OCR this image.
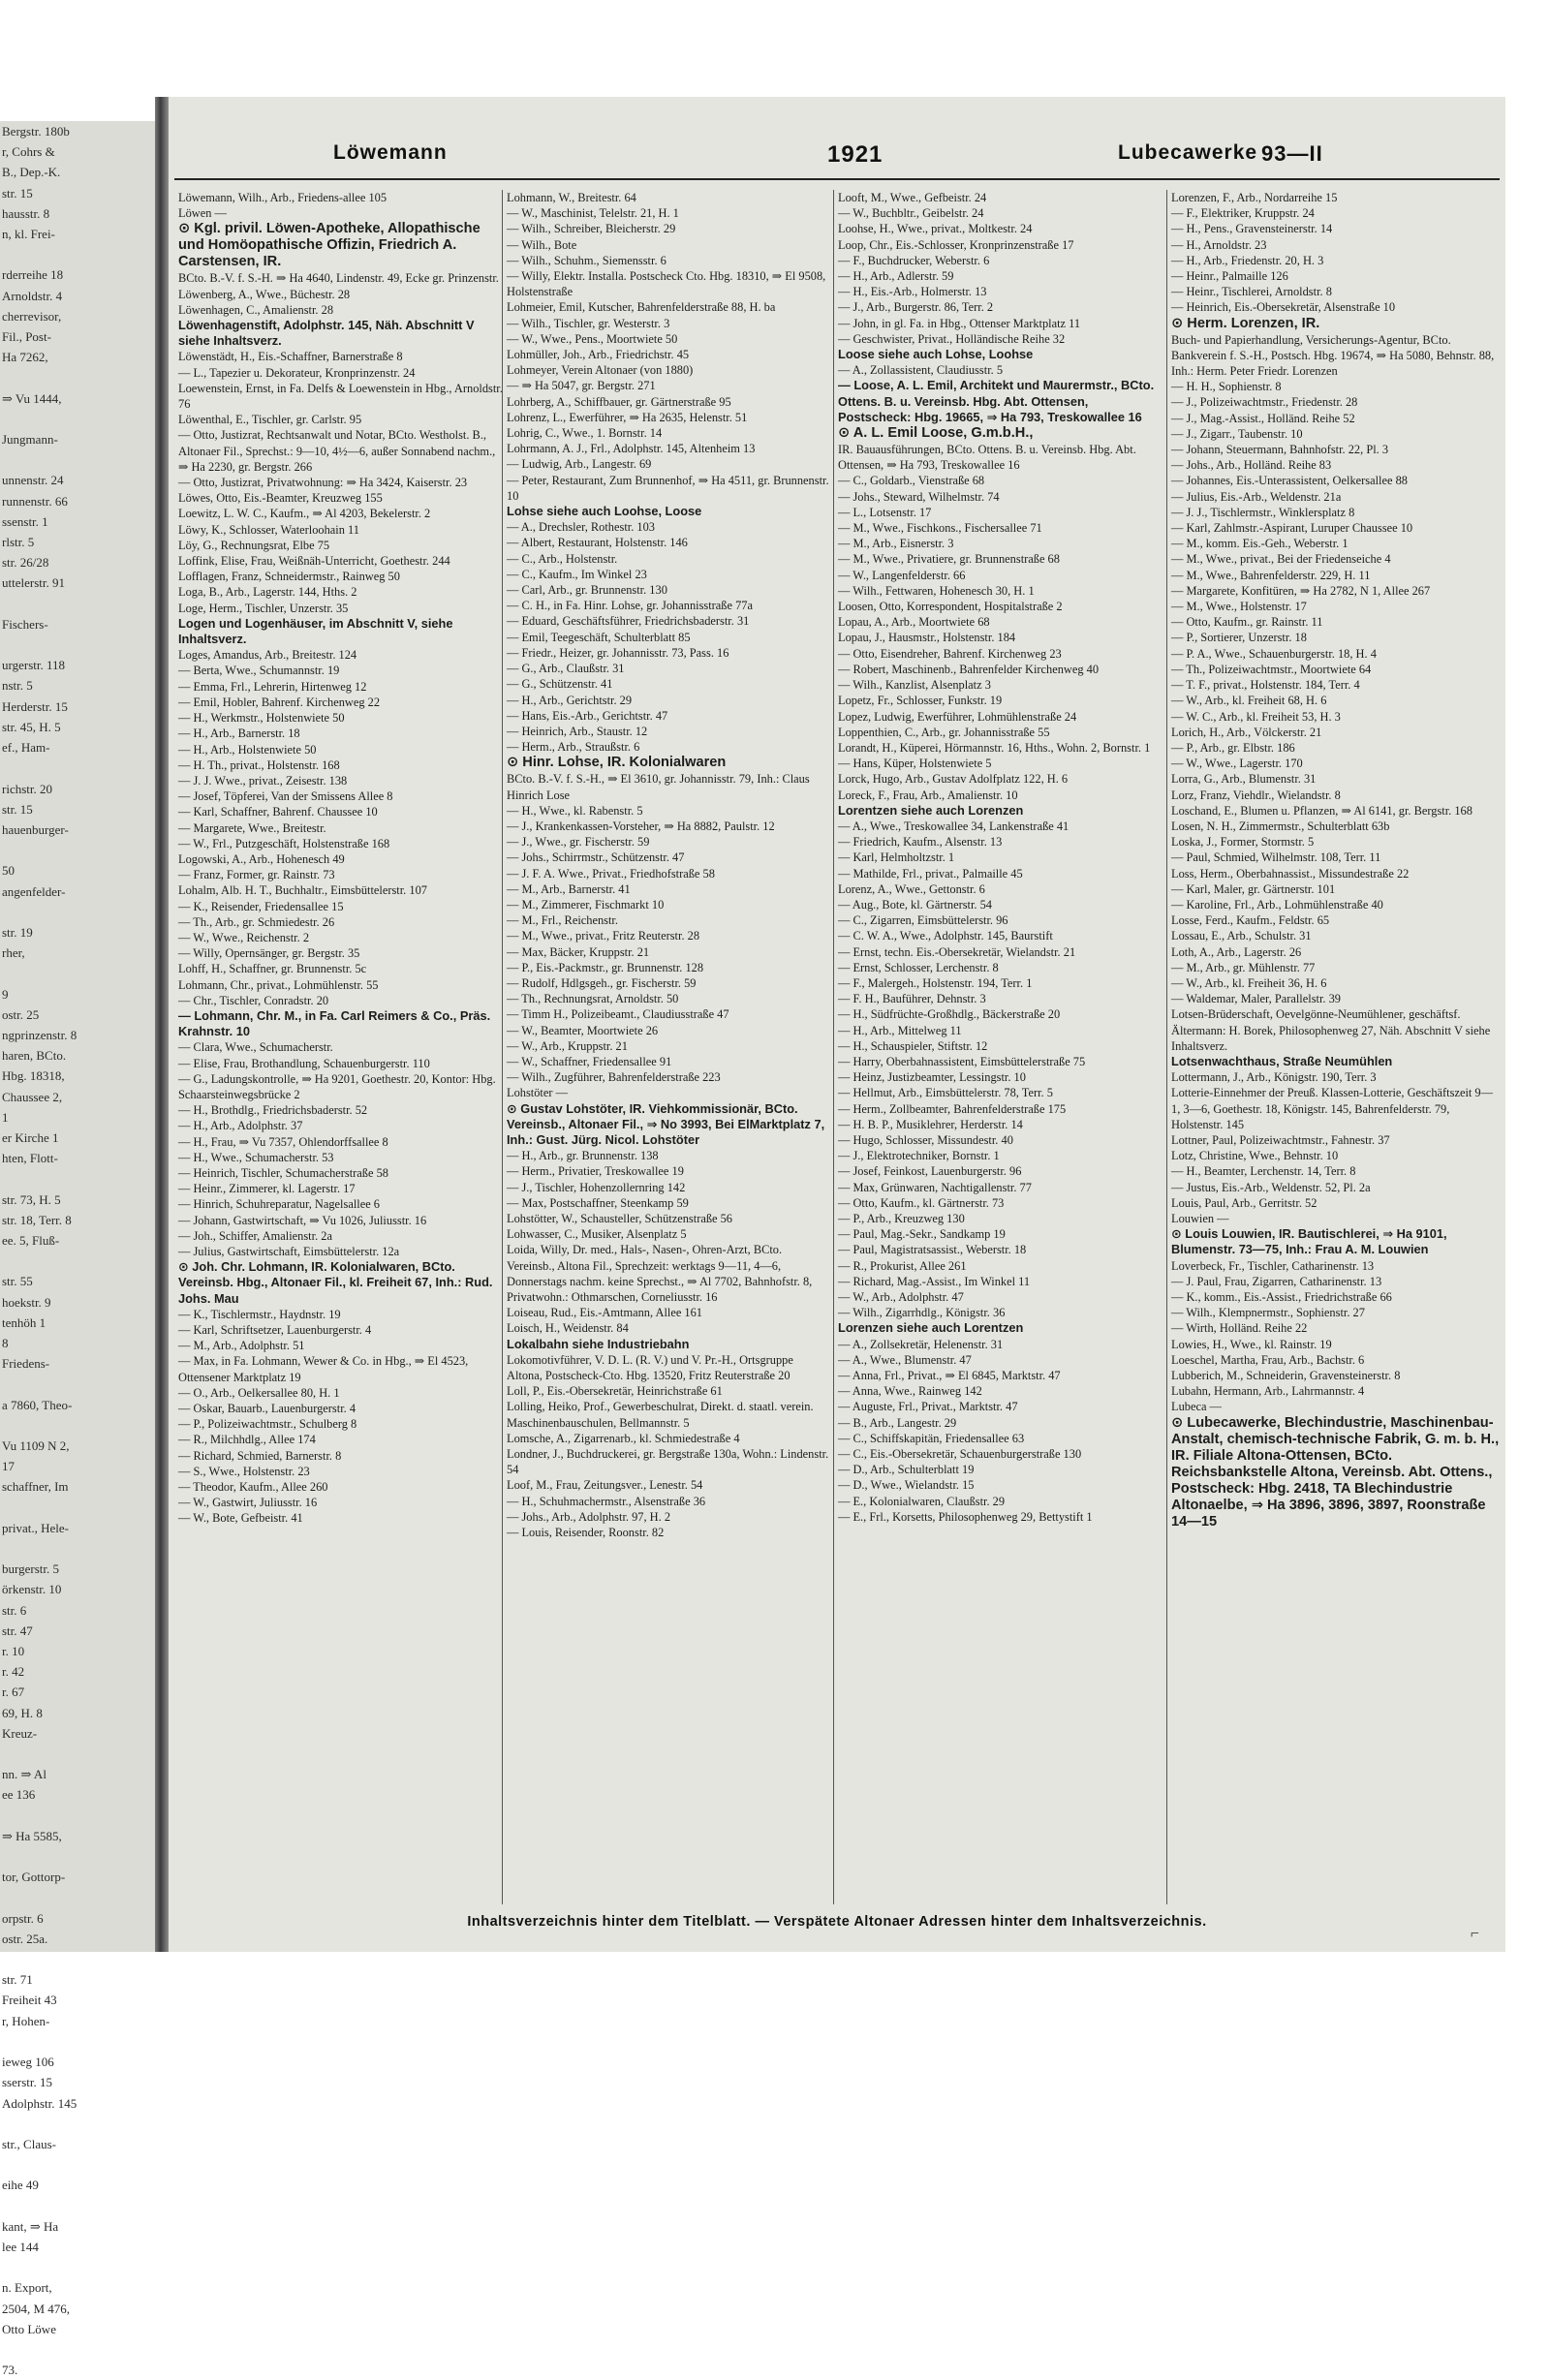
Bergstr. 180b
r, Cohrs &
B., Dep.-K.
str. 15
hausstr. 8
n, kl. Frei-

rderreihe 18
Arnoldstr. 4
cherrevisor,
Fil., Post-
Ha 7262,

⇒ Vu 1444,

Jungmann-

unnenstr. 24
runnenstr. 66
ssenstr. 1
rlstr. 5
str. 26/28
uttelerstr. 91

Fischers-

urgerstr. 118
nstr. 5
Herderstr. 15
str. 45, H. 5
ef., Ham-

richstr. 20
str. 15
hauenburger-

50
angenfelder-

str. 19
rher,

9
ostr. 25
ngprinzenstr. 8
haren, BCto.
Hbg. 18318,
Chaussee 2,
1
er Kirche 1
hten, Flott-

str. 73, H. 5
str. 18, Terr. 8
ee. 5, Fluß-

str. 55
hoekstr. 9
tenhöh 1
8
Friedens-

a 7860, Theo-

Vu 1109 N 2,
17
schaffner, Im

privat., Hele-

burgerstr. 5
örkenstr. 10
str. 6
str. 47
r. 10
r. 42
r. 67
69, H. 8
Kreuz-

nn. ⇒ Al
ee 136

⇒ Ha 5585,

tor, Gottorp-

orpstr. 6
ostr. 25a.

str. 71
Freiheit 43
r, Hohen-

ieweg 106
sserstr. 15
Adolphstr. 145

str., Claus-

eihe 49

kant, ⇒ Ha
lee 144

n. Export,
2504, M 476,
Otto Löwe

73.
Löwemann	1921	Lubecawerke 93—II
Löwemann, Wilh., Arb., Friedens-allee 105
Löwen —
⊙ Kgl. privil. Löwen-Apotheke, Allopathische und Homöopathische Offizin, Friedrich A. Carstensen, IR.
BCto. B.-V. f. S.-H. ⇒ Ha 4640, Lindenstr. 49, Ecke gr. Prinzenstr.
Löwenberg, A., Wwe., Büchestr. 28
Löwenhagen, C., Amalienstr. 28
Löwenhagenstift, Adolphstr. 145, Näh. Abschnitt V siehe Inhaltsverz.
Löwenstädt, H., Eis.-Schaffner, Barnerstraße 8
— L., Tapezier u. Dekorateur, Kronprinzenstr. 24
Loewenstein, Ernst, in Fa. Delfs & Loewenstein in Hbg., Arnoldstr. 76
Löwenthal, E., Tischler, gr. Carlstr. 95
— Otto, Justizrat, Rechtsanwalt und Notar, BCto. Westholst. B., Altonaer Fil., Sprechst.: 9—10, 4½—6, außer Sonnabend nachm., ⇒ Ha 2230, gr. Bergstr. 266
— Otto, Justizrat, Privatwohnung: ⇒ Ha 3424, Kaiserstr. 23
Löwes, Otto, Eis.-Beamter, Kreuzweg 155
Loewitz, L. W. C., Kaufm., ⇒ Al 4203, Bekelerstr. 2
Löwy, K., Schlosser, Waterloohain 11
Löy, G., Rechnungsrat, Elbe 75
Loffink, Elise, Frau, Weißnäh-Unterricht, Goethestr. 244
Lofflagen, Franz, Schneidermstr., Rainweg 50
Loga, B., Arb., Lagerstr. 144, Hths. 2
Loge, Herm., Tischler, Unzerstr. 35
Logen und Logenhäuser, im Abschnitt V, siehe Inhaltsverz.
Loges, Amandus, Arb., Breitestr. 124
— Berta, Wwe., Schumannstr. 19
— Emma, Frl., Lehrerin, Hirtenweg 12
— Emil, Hobler, Bahrenf. Kirchenweg 22
— H., Werkmstr., Holstenwiete 50
— H., Arb., Barnerstr. 18
— H., Arb., Holstenwiete 50
— H. Th., privat., Holstenstr. 168
— J. J. Wwe., privat., Zeisestr. 138
— Josef, Töpferei, Van der Smissens Allee 8
— Karl, Schaffner, Bahrenf. Chaussee 10
— Margarete, Wwe., Breitestr.
— W., Frl., Putzgeschäft, Holstenstraße 168
Logowski, A., Arb., Hohenesch 49
— Franz, Former, gr. Rainstr. 73
Lohalm, Alb. H. T., Buchhaltr., Eimsbüttelerstr. 107
— K., Reisender, Friedensallee 15
— Th., Arb., gr. Schmiedestr. 26
— W., Wwe., Reichenstr. 2
— Willy, Opernsänger, gr. Bergstr. 35
Lohff, H., Schaffner, gr. Brunnenstr. 5c
Lohmann, Chr., privat., Lohmühlenstr. 55
— Chr., Tischler, Conradstr. 20
— Lohmann, Chr. M., in Fa. Carl Reimers & Co., Präs. Krahnstr. 10
— Clara, Wwe., Schumacherstr.
— Elise, Frau, Brothandlung, Schauenburgerstr. 110
— G., Ladungskontrolle, ⇒ Ha 9201, Goethestr. 20, Kontor: Hbg. Schaarsteinwegsbrücke 2
— H., Brothdlg., Friedrichsbaderstr. 52
— H., Arb., Adolphstr. 37
— H., Frau, ⇒ Vu 7357, Ohlendorffsallee 8
— H., Wwe., Schumacherstr. 53
— Heinrich, Tischler, Schumacherstraße 58
— Heinr., Zimmerer, kl. Lagerstr. 17
— Hinrich, Schuhreparatur, Nagelsallee 6
— Johann, Gastwirtschaft, ⇒ Vu 1026, Juliusstr. 16
— Joh., Schiffer, Amalienstr. 2a
— Julius, Gastwirtschaft, Eimsbüttelerstr. 12a
⊙ Joh. Chr. Lohmann, IR. Kolonialwaren, BCto. Vereinsb. Hbg., Altonaer Fil., kl. Freiheit 67, Inh.: Rud. Johs. Mau
— K., Tischlermstr., Haydnstr. 19
— Karl, Schriftsetzer, Lauenburgerstr. 4
— M., Arb., Adolphstr. 51
— Max, in Fa. Lohmann, Wewer & Co. in Hbg., ⇒ El 4523, Ottensener Marktplatz 19
— O., Arb., Oelkersallee 80, H. 1
— Oskar, Bauarb., Lauenburgerstr. 4
— P., Polizeiwachtmstr., Schulberg 8
— R., Milchhdlg., Allee 174
— Richard, Schmied, Barnerstr. 8
— S., Wwe., Holstenstr. 23
— Theodor, Kaufm., Allee 260
— W., Gastwirt, Juliusstr. 16
— W., Bote, Gefbeistr. 41
Lohmann, W., Breitestr. 64
— W., Maschinist, Telelstr. 21, H. 1
— Wilh., Schreiber, Bleicherstr. 29
— Wilh., Bote
— Wilh., Schuhm., Siemensstr. 6
— Willy, Elektr. Installa. Postscheck Cto. Hbg. 18310, ⇒ El 9508, Holstenstraße
Lohmeier, Emil, Kutscher, Bahrenfelderstraße 88, H. ba
— Wilh., Tischler, gr. Westerstr. 3
— W., Wwe., Pens., Moortwiete 50
Lohmüller, Joh., Arb., Friedrichstr. 45
Lohmeyer, Verein Altonaer (von 1880)
— ⇒ Ha 5047, gr. Bergstr. 271
Lohrberg, A., Schiffbauer, gr. Gärtnerstraße 95
Lohrenz, L., Ewerführer, ⇒ Ha 2635, Helenstr. 51
Lohrig, C., Wwe., 1. Bornstr. 14
Lohrmann, A. J., Frl., Adolphstr. 145, Altenheim 13
— Ludwig, Arb., Langestr. 69
— Peter, Restaurant, Zum Brunnenhof, ⇒ Ha 4511, gr. Brunnenstr. 10
Lohse siehe auch Loohse, Loose
— A., Drechsler, Rothestr. 103
— Albert, Restaurant, Holstenstr. 146
— C., Arb., Holstenstr.
— C., Kaufm., Im Winkel 23
— Carl, Arb., gr. Brunnenstr. 130
— C. H., in Fa. Hinr. Lohse, gr. Johannisstraße 77a
— Eduard, Geschäftsführer, Friedrichsbaderstr. 31
— Emil, Teegeschäft, Schulterblatt 85
— Friedr., Heizer, gr. Johannisstr. 73, Pass. 16
— G., Arb., Claußstr. 31
— G., Schützenstr. 41
— H., Arb., Gerichtstr. 29
— Hans, Eis.-Arb., Gerichtstr. 47
— Heinrich, Arb., Staustr. 12
— Herm., Arb., Straußstr. 6
⊙ Hinr. Lohse, IR. Kolonialwaren
BCto. B.-V. f. S.-H., ⇒ El 3610, gr. Johannisstr. 79, Inh.: Claus Hinrich Lose
— H., Wwe., kl. Rabenstr. 5
— J., Krankenkassen-Vorsteher, ⇒ Ha 8882, Paulstr. 12
— J., Wwe., gr. Fischerstr. 59
— Johs., Schirrmstr., Schützenstr. 47
— J. F. A. Wwe., Privat., Friedhofstraße 58
— M., Arb., Barnerstr. 41
— M., Zimmerer, Fischmarkt 10
— M., Frl., Reichenstr.
— M., Wwe., privat., Fritz Reuterstr. 28
— Max, Bäcker, Kruppstr. 21
— P., Eis.-Packmstr., gr. Brunnenstr. 128
— Rudolf, Hdlgsgeh., gr. Fischerstr. 59
— Th., Rechnungsrat, Arnoldstr. 50
— Timm H., Polizeibeamt., Claudiusstraße 47
— W., Beamter, Moortwiete 26
— W., Arb., Kruppstr. 21
— W., Schaffner, Friedensallee 91
— Wilh., Zugführer, Bahrenfelderstraße 223
Lohstöter —
⊙ Gustav Lohstöter, IR. Viehkommissionär, BCto. Vereinsb., Altonaer Fil., ⇒ No 3993, Bei ElMarktplatz 7, Inh.: Gust. Jürg. Nicol. Lohstöter
— H., Arb., gr. Brunnenstr. 138
— Herm., Privatier, Treskowallee 19
— J., Tischler, Hohenzollernring 142
— Max, Postschaffner, Steenkamp 59
Lohstötter, W., Schausteller, Schützenstraße 56
Lohwasser, C., Musiker, Alsenplatz 5
Loida, Willy, Dr. med., Hals-, Nasen-, Ohren-Arzt, BCto. Vereinsb., Altona Fil., Sprechzeit: werktags 9—11, 4—6, Donnerstags nachm. keine Sprechst., ⇒ Al 7702, Bahnhofstr. 8, Privatwohn.: Othmarschen, Corneliusstr. 16
Loiseau, Rud., Eis.-Amtmann, Allee 161
Loisch, H., Weidenstr. 84
Lokalbahn siehe Industriebahn
Lokomotivführer, V. D. L. (R. V.) und V. Pr.-H., Ortsgruppe Altona, Postscheck-Cto. Hbg. 13520, Fritz Reuterstraße 20
Loll, P., Eis.-Obersekretär, Heinrichstraße 61
Lolling, Heiko, Prof., Gewerbeschulrat, Direkt. d. staatl. verein. Maschinenbauschulen, Bellmannstr. 5
Lomsche, A., Zigarrenarb., kl. Schmiedestraße 4
Londner, J., Buchdruckerei, gr. Bergstraße 130a, Wohn.: Lindenstr. 54
Loof, M., Frau, Zeitungsver., Lenestr. 54
— H., Schuhmachermstr., Alsenstraße 36
— Johs., Arb., Adolphstr. 97, H. 2
— Louis, Reisender, Roonstr. 82
Looft, M., Wwe., Gefbeistr. 24
— W., Buchbltr., Geibelstr. 24
Loohse, H., Wwe., privat., Moltkestr. 24
Loop, Chr., Eis.-Schlosser, Kronprinzenstraße 17
— F., Buchdrucker, Weberstr. 6
— H., Arb., Adlerstr. 59
— H., Eis.-Arb., Holmerstr. 13
— J., Arb., Burgerstr. 86, Terr. 2
— John, in gl. Fa. in Hbg., Ottenser Marktplatz 11
— Geschwister, Privat., Holländische Reihe 32
Loose siehe auch Lohse, Loohse
— A., Zollassistent, Claudiusstr. 5
— Loose, A. L. Emil, Architekt und Maurermstr., BCto. Ottens. B. u. Vereinsb. Hbg. Abt. Ottensen, Postscheck: Hbg. 19665, ⇒ Ha 793, Treskowallee 16
⊙ A. L. Emil Loose, G.m.b.H.,
IR. Bauausführungen, BCto. Ottens. B. u. Vereinsb. Hbg. Abt. Ottensen, ⇒ Ha 793, Treskowallee 16
— C., Goldarb., Vienstraße 68
— Johs., Steward, Wilhelmstr. 74
— L., Lotsenstr. 17
— M., Wwe., Fischkons., Fischersallee 71
— M., Arb., Eisnerstr. 3
— M., Wwe., Privatiere, gr. Brunnenstraße 68
— W., Langenfelderstr. 66
— Wilh., Fettwaren, Hohenesch 30, H. 1
Loosen, Otto, Korrespondent, Hospitalstraße 2
Lopau, A., Arb., Moortwiete 68
Lopau, J., Hausmstr., Holstenstr. 184
— Otto, Eisendreher, Bahrenf. Kirchenweg 23
— Robert, Maschinenb., Bahrenfelder Kirchenweg 40
— Wilh., Kanzlist, Alsenplatz 3
Lopetz, Fr., Schlosser, Funkstr. 19
Lopez, Ludwig, Ewerführer, Lohmühlenstraße 24
Loppenthien, C., Arb., gr. Johannisstraße 55
Lorandt, H., Küperei, Hörmannstr. 16, Hths., Wohn. 2, Bornstr. 1
— Hans, Küper, Holstenwiete 5
Lorck, Hugo, Arb., Gustav Adolfplatz 122, H. 6
Loreck, F., Frau, Arb., Amalienstr. 10
Lorentzen siehe auch Lorenzen
— A., Wwe., Treskowallee 34, Lankenstraße 41
— Friedrich, Kaufm., Alsenstr. 13
— Karl, Helmholtzstr. 1
— Mathilde, Frl., privat., Palmaille 45
Lorenz, A., Wwe., Gettonstr. 6
— Aug., Bote, kl. Gärtnerstr. 54
— C., Zigarren, Eimsbüttelerstr. 96
— C. W. A., Wwe., Adolphstr. 145, Baurstift
— Ernst, techn. Eis.-Obersekretär, Wielandstr. 21
— Ernst, Schlosser, Lerchenstr. 8
— F., Malergeh., Holstenstr. 194, Terr. 1
— F. H., Bauführer, Dehnstr. 3
— H., Südfrüchte-Großhdlg., Bäckerstraße 20
— H., Arb., Mittelweg 11
— H., Schauspieler, Stiftstr. 12
— Harry, Oberbahnassistent, Eimsbüttelerstraße 75
— Heinz, Justizbeamter, Lessingstr. 10
— Hellmut, Arb., Eimsbüttelerstr. 78, Terr. 5
— Herm., Zollbeamter, Bahrenfelderstraße 175
— H. B. P., Musiklehrer, Herderstr. 14
— Hugo, Schlosser, Missundestr. 40
— J., Elektrotechniker, Bornstr. 1
— Josef, Feinkost, Lauenburgerstr. 96
— Max, Grünwaren, Nachtigallenstr. 77
— Otto, Kaufm., kl. Gärtnerstr. 73
— P., Arb., Kreuzweg 130
— Paul, Mag.-Sekr., Sandkamp 19
— Paul, Magistratsassist., Weberstr. 18
— R., Prokurist, Allee 261
— Richard, Mag.-Assist., Im Winkel 11
— W., Arb., Adolphstr. 47
— Wilh., Zigarrhdlg., Königstr. 36
Lorenzen siehe auch Lorentzen
— A., Zollsekretär, Helenenstr. 31
— A., Wwe., Blumenstr. 47
— Anna, Frl., Privat., ⇒ El 6845, Marktstr. 47
— Anna, Wwe., Rainweg 142
— Auguste, Frl., Privat., Marktstr. 47
— B., Arb., Langestr. 29
— C., Schiffskapitän, Friedensallee 63
— C., Eis.-Obersekretär, Schauenburgerstraße 130
— D., Arb., Schulterblatt 19
— D., Wwe., Wielandstr. 15
— E., Kolonialwaren, Claußstr. 29
— E., Frl., Korsetts, Philosophenweg 29, Bettystift 1
Lorenzen, F., Arb., Nordarreihe 15
— F., Elektriker, Kruppstr. 24
— H., Pens., Gravensteinerstr. 14
— H., Arnoldstr. 23
— H., Arb., Friedenstr. 20, H. 3
— Heinr., Palmaille 126
— Heinr., Tischlerei, Arnoldstr. 8
— Heinrich, Eis.-Obersekretär, Alsenstraße 10
⊙ Herm. Lorenzen, IR.
Buch- und Papierhandlung, Versicherungs-Agentur, BCto. Bankverein f. S.-H., Postsch. Hbg. 19674, ⇒ Ha 5080, Behnstr. 88, Inh.: Herm. Peter Friedr. Lorenzen
— H. H., Sophienstr. 8
— J., Polizeiwachtmstr., Friedenstr. 28
— J., Mag.-Assist., Holländ. Reihe 52
— J., Zigarr., Taubenstr. 10
— Johann, Steuermann, Bahnhofstr. 22, Pl. 3
— Johs., Arb., Holländ. Reihe 83
— Johannes, Eis.-Unterassistent, Oelkersallee 88
— Julius, Eis.-Arb., Weldenstr. 21a
— J. J., Tischlermstr., Winklersplatz 8
— Karl, Zahlmstr.-Aspirant, Luruper Chaussee 10
— M., komm. Eis.-Geh., Weberstr. 1
— M., Wwe., privat., Bei der Friedenseiche 4
— M., Wwe., Bahrenfelderstr. 229, H. 11
— Margarete, Konfitüren, ⇒ Ha 2782, N 1, Allee 267
— M., Wwe., Holstenstr. 17
— Otto, Kaufm., gr. Rainstr. 11
— P., Sortierer, Unzerstr. 18
— P. A., Wwe., Schauenburgerstr. 18, H. 4
— Th., Polizeiwachtmstr., Moortwiete 64
— T. F., privat., Holstenstr. 184, Terr. 4
— W., Arb., kl. Freiheit 68, H. 6
— W. C., Arb., kl. Freiheit 53, H. 3
Lorich, H., Arb., Völckerstr. 21
— P., Arb., gr. Elbstr. 186
— W., Wwe., Lagerstr. 170
Lorra, G., Arb., Blumenstr. 31
Lorz, Franz, Viehdlr., Wielandstr. 8
Loschand, E., Blumen u. Pflanzen, ⇒ Al 6141, gr. Bergstr. 168
Losen, N. H., Zimmermstr., Schulterblatt 63b
Loska, J., Former, Stormstr. 5
— Paul, Schmied, Wilhelmstr. 108, Terr. 11
Loss, Herm., Oberbahnassist., Missundestraße 22
— Karl, Maler, gr. Gärtnerstr. 101
— Karoline, Frl., Arb., Lohmühlenstraße 40
Losse, Ferd., Kaufm., Feldstr. 65
Lossau, E., Arb., Schulstr. 31
Loth, A., Arb., Lagerstr. 26
— M., Arb., gr. Mühlenstr. 77
— W., Arb., kl. Freiheit 36, H. 6
— Waldemar, Maler, Parallelstr. 39
Lotsen-Brüderschaft, Oevelgönne-Neumühlener, geschäftsf. Ältermann: H. Borek, Philosophenweg 27, Näh. Abschnitt V siehe Inhaltsverz.
Lotsenwachthaus, Straße Neumühlen
Lottermann, J., Arb., Königstr. 190, Terr. 3
Lotterie-Einnehmer der Preuß. Klassen-Lotterie, Geschäftszeit 9—1, 3—6, Goethestr. 18, Königstr. 145, Bahrenfelderstr. 79, Holstenstr. 145
Lottner, Paul, Polizeiwachtmstr., Fahnestr. 37
Lotz, Christine, Wwe., Behnstr. 10
— H., Beamter, Lerchenstr. 14, Terr. 8
— Justus, Eis.-Arb., Weldenstr. 52, Pl. 2a
Louis, Paul, Arb., Gerritstr. 52
Louwien —
⊙ Louis Louwien, IR. Bautischlerei, ⇒ Ha 9101, Blumenstr. 73—75, Inh.: Frau A. M. Louwien
Loverbeck, Fr., Tischler, Catharinenstr. 13
— J. Paul, Frau, Zigarren, Catharinenstr. 13
— K., komm., Eis.-Assist., Friedrichstraße 66
— Wilh., Klempnermstr., Sophienstr. 27
— Wirth, Holländ. Reihe 22
Lowies, H., Wwe., kl. Rainstr. 19
Loeschel, Martha, Frau, Arb., Bachstr. 6
Lubberich, M., Schneiderin, Gravensteinerstr. 8
Lubahn, Hermann, Arb., Lahrmannstr. 4
Lubeca —
⊙ Lubecawerke, Blechindustrie, Maschinenbau-Anstalt, chemisch-technische Fabrik, G. m. b. H., IR. Filiale Altona-Ottensen, BCto. Reichsbankstelle Altona, Vereinsb. Abt. Ottens., Postscheck: Hbg. 2418, TA Blechindustrie Altonaelbe, ⇒ Ha 3896, 3896, 3897, Roonstraße 14—15
Inhaltsverzeichnis hinter dem Titelblatt. — Verspätete Altonaer Adressen hinter dem Inhaltsverzeichnis.
⌐
